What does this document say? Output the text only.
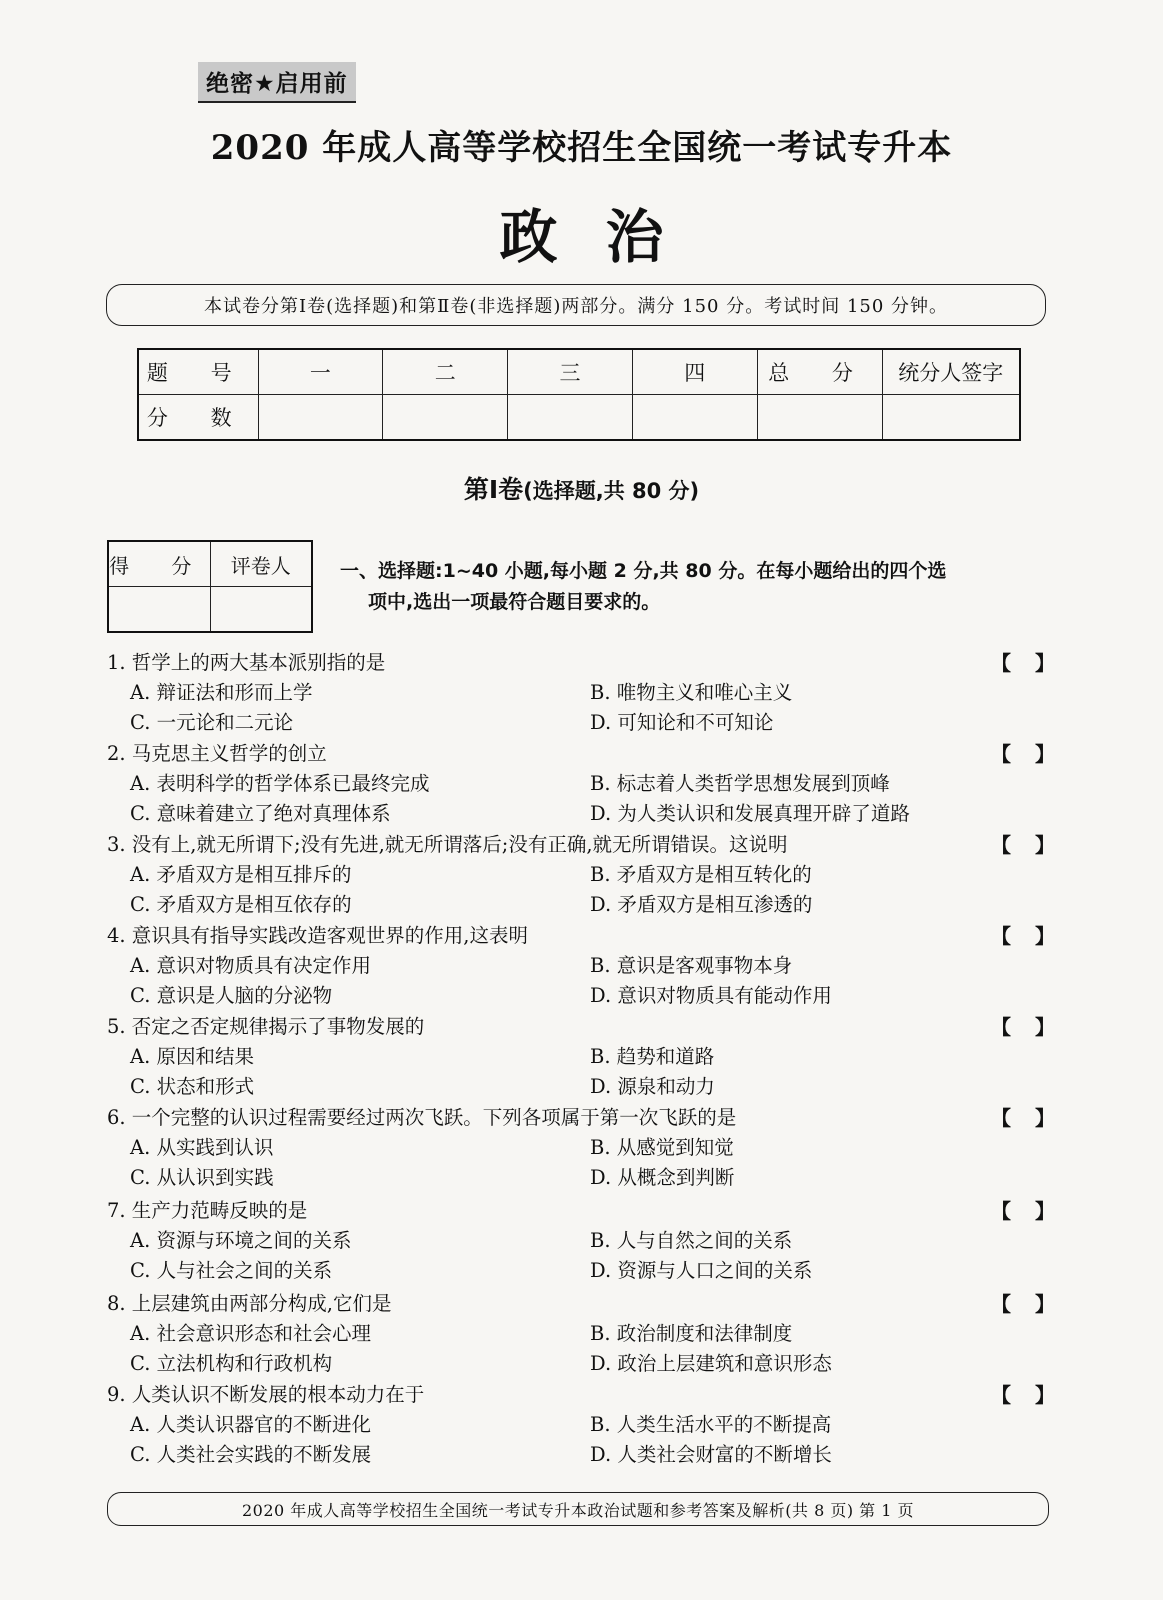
绝密★启用前
2020 年成人高等学校招生全国统一考试专升本
政治
本试卷分第Ⅰ卷(选择题)和第Ⅱ卷(非选择题)两部分。满分 150 分。考试时间 150 分钟。
题 号	一	二	三	四	总 分	统分人签字
分 数						
第Ⅰ卷(选择题,共 80 分)
得 分	评卷人
		一、选择题:1~40 小题,每小题 2 分,共 80 分。在每小题给出的四个选
项中,选出一项最符合题目要求的。
1. 哲学上的两大基本派别指的是	【 】
A. 辩证法和形而上学	B. 唯物主义和唯心主义
C. 一元论和二元论	D. 可知论和不可知论
2. 马克思主义哲学的创立	【 】
A. 表明科学的哲学体系已最终完成	B. 标志着人类哲学思想发展到顶峰
C. 意味着建立了绝对真理体系	D. 为人类认识和发展真理开辟了道路
3. 没有上,就无所谓下;没有先进,就无所谓落后;没有正确,就无所谓错误。这说明	【 】
A. 矛盾双方是相互排斥的	B. 矛盾双方是相互转化的
C. 矛盾双方是相互依存的	D. 矛盾双方是相互渗透的
4. 意识具有指导实践改造客观世界的作用,这表明	【 】
A. 意识对物质具有决定作用	B. 意识是客观事物本身
C. 意识是人脑的分泌物	D. 意识对物质具有能动作用
5. 否定之否定规律揭示了事物发展的	【 】
A. 原因和结果	B. 趋势和道路
C. 状态和形式	D. 源泉和动力
6. 一个完整的认识过程需要经过两次飞跃。下列各项属于第一次飞跃的是	【 】
A. 从实践到认识	B. 从感觉到知觉
C. 从认识到实践	D. 从概念到判断
7. 生产力范畴反映的是	【 】
A. 资源与环境之间的关系	B. 人与自然之间的关系
C. 人与社会之间的关系	D. 资源与人口之间的关系
8. 上层建筑由两部分构成,它们是	【 】
A. 社会意识形态和社会心理	B. 政治制度和法律制度
C. 立法机构和行政机构	D. 政治上层建筑和意识形态
9. 人类认识不断发展的根本动力在于	【 】
A. 人类认识器官的不断进化	B. 人类生活水平的不断提高
C. 人类社会实践的不断发展	D. 人类社会财富的不断增长
2020 年成人高等学校招生全国统一考试专升本政治试题和参考答案及解析(共 8 页) 第 1 页
